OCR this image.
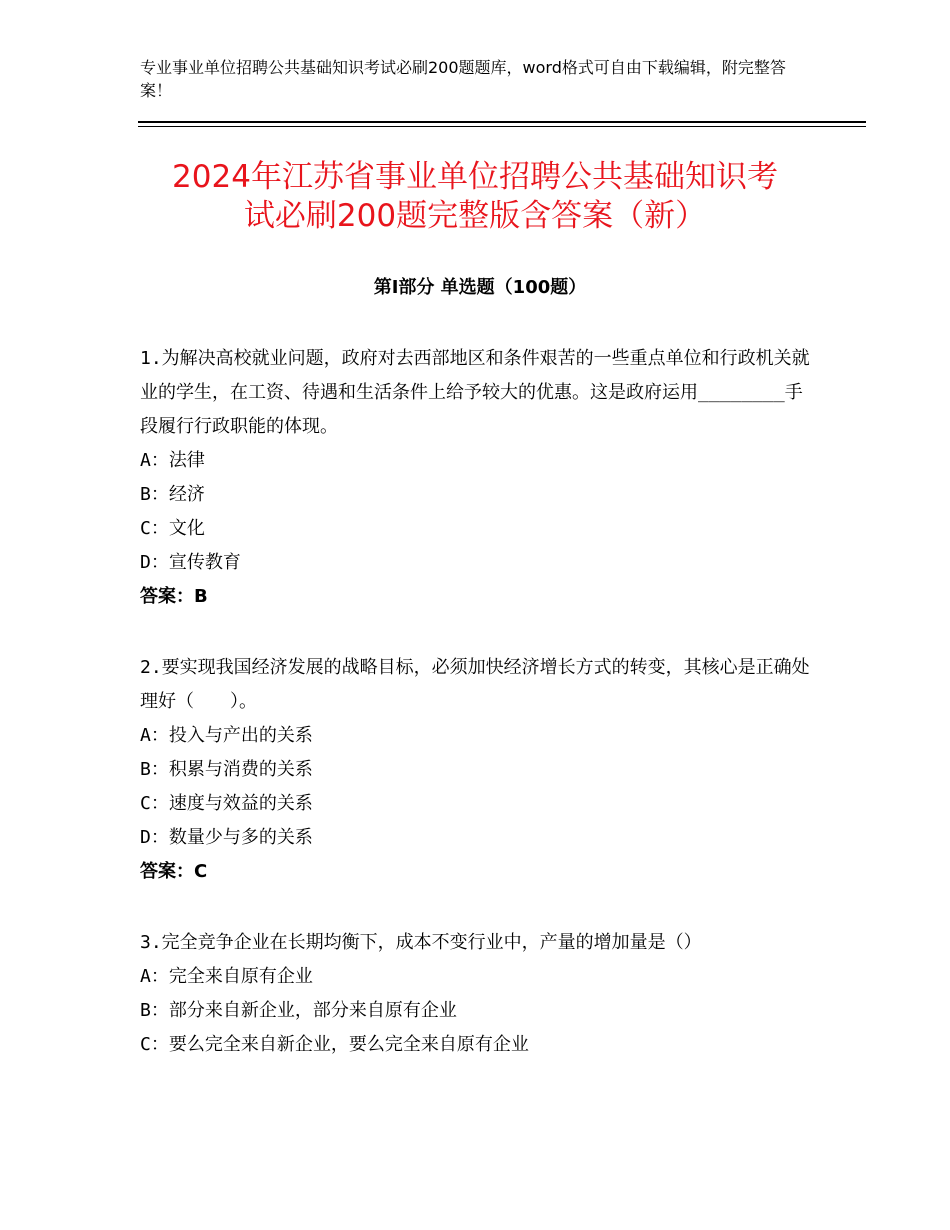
专业事业单位招聘公共基础知识考试必刷200题题库，word格式可自由下载编辑，附完整答案！
2024年江苏省事业单位招聘公共基础知识考
试必刷200题完整版含答案（新）
第Ⅰ部分 单选题（100题）
1.为解决高校就业问题，政府对去西部地区和条件艰苦的一些重点单位和行政机关就业的学生，在工资、待遇和生活条件上给予较大的优惠。这是政府运用________手段履行行政职能的体现。
A：法律
B：经济
C：文化
D：宣传教育
答案：B
2.要实现我国经济发展的战略目标，必须加快经济增长方式的转变，其核心是正确处理好（　　）。
A：投入与产出的关系
B：积累与消费的关系
C：速度与效益的关系
D：数量少与多的关系
答案：C
3.完全竞争企业在长期均衡下，成本不变行业中，产量的增加量是（）
A：完全来自原有企业
B：部分来自新企业，部分来自原有企业
C：要么完全来自新企业，要么完全来自原有企业
